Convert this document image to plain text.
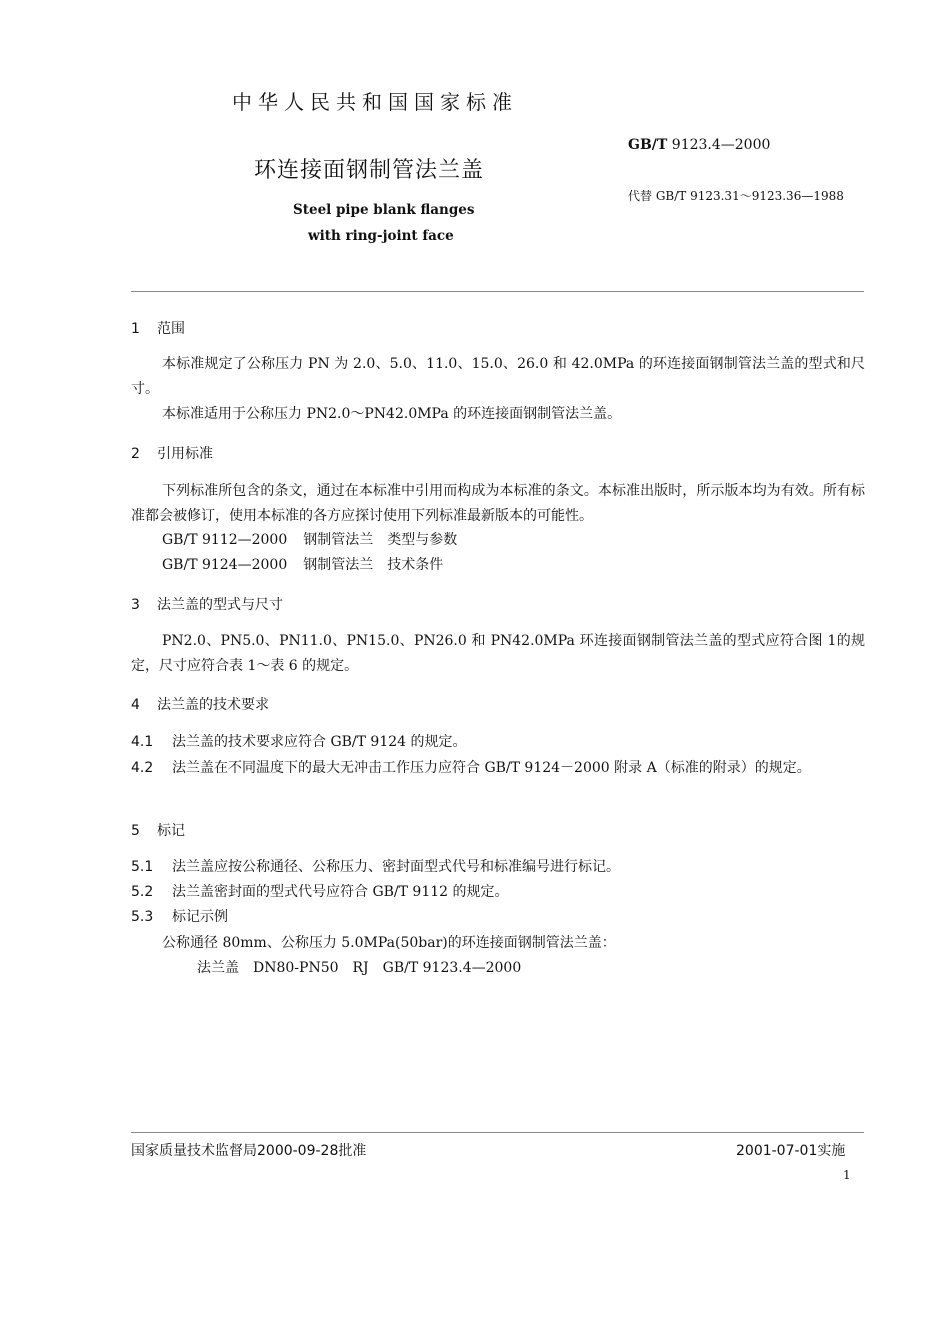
中华人民共和国国家标准
环连接面钢制管法兰盖
Steel pipe blank flanges
with ring-joint face
GB/T 9123.4—2000
代替 GB/T 9123.31～9123.36—1988
1 范围
本标准规定了公称压力 PN 为 2.0、5.0、11.0、15.0、26.0 和 42.0MPa 的环连接面钢制管法兰盖的型式和尺寸。
本标准适用于公称压力 PN2.0～PN42.0MPa 的环连接面钢制管法兰盖。
2 引用标准
下列标准所包含的条文，通过在本标准中引用而构成为本标准的条文。本标准出版时，所示版本均为有效。所有标准都会被修订，使用本标准的各方应探讨使用下列标准最新版本的可能性。
GB/T 9112—2000 钢制管法兰　类型与参数
GB/T 9124—2000 钢制管法兰　技术条件
3 法兰盖的型式与尺寸
PN2.0、PN5.0、PN11.0、PN15.0、PN26.0 和 PN42.0MPa 环连接面钢制管法兰盖的型式应符合图 1的规定，尺寸应符合表 1～表 6 的规定。
4 法兰盖的技术要求
4.1 法兰盖的技术要求应符合 GB/T 9124 的规定。
4.2 法兰盖在不同温度下的最大无冲击工作压力应符合 GB/T 9124－2000 附录 A（标准的附录）的规定。
5 标记
5.1 法兰盖应按公称通径、公称压力、密封面型式代号和标准编号进行标记。
5.2 法兰盖密封面的型式代号应符合 GB/T 9112 的规定。
5.3 标记示例
公称通径 80mm、公称压力 5.0MPa(50bar)的环连接面钢制管法兰盖：
法兰盖　DN80-PN50　RJ　GB/T 9123.4—2000
国家质量技术监督局2000-09-28批准	2001-07-01实施
1
